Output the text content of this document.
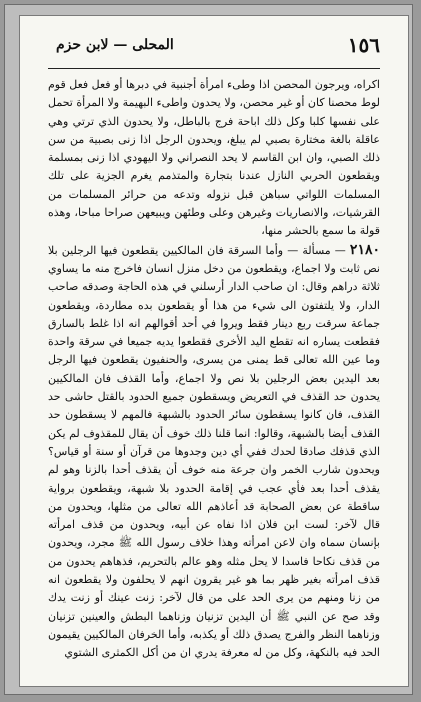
١٥٦
المحلى — لابن حزم

اكراه، ويرجون المحصن اذا وطىء امرأة أجنبية في دبرها أو فعل فعل قوم لوط محصنا كان أو غير محصن، ولا يحدون واطىء البهيمة ولا المرأة تحمل على نفسها كلبا وكل ذلك اباحة فرج بالباطل، ولا يحدون الذي ترتي وهي عاقلة بالغة مختارة بصبي لم يبلغ، ويحدون الرجل اذا زنى بصبية من سن ذلك الصبي، وان ابن القاسم لا يحد النصراني ولا اليهودي اذا زنى بمسلمة ويقطعون الحربي النازل عندنا بتجارة والمتذمم يغرم الجزية على تلك المسلمات اللواتي سباهن قبل نزوله وتدعه من حرائر المسلمات من القرشيات، والانصاريات وغيرهن وعلى وطئهن ويبيعهن صراحا مباحا، وهذه قولة ما سمع بالحشر منها،

٢١٨٠ — مسألة — وأما السرقة فان المالكيين يقطعون فيها الرجلين بلا نص ثابت ولا اجماع، ويقطعون من دخل منزل انسان فاخرج منه ما يساوي ثلاثة دراهم وقال: ان صاحب الدار أرسلني في هذه الحاجة وصدقه صاحب الدار، ولا يلتفتون الى شيء من هذا أو يقطعون بده مطاردة، ويقطعون جماعة سرقت ربع دينار فقط ويروا في أحد أقوالهم انه اذا غلط بالسارق فقطعت يساره انه تقطع اليد الأخرى فقطعوا يديه جميعا في سرقة واحدة وما عين الله تعالى قط يمنى من يسرى، والحنفيون يقطعون فيها الرجل بعد اليدين بعض الرجلين بلا نص ولا اجماع، وأما القذف فان المالكيين يحدون حد القذف في التعريض ويسقطون جميع الحدود بالقتل حاشى حد القذف، فان كانوا يسقطون سائر الحدود بالشبهة فالمهم لا يسقطون حد القذف أيضا بالشبهة، وقالوا: انما قلنا ذلك خوف أن يقال للمقذوف لم يكن الذي قذفك صادقا لحدك ففي أي دين وجدوها من قرآن أو سنة أو قياس؟ ويحدون شارب الخمر وان جرعة منه خوف أن يقذف أحدا بالزنا وهو لم يقذف أحدا بعد فأي عجب في إقامة الحدود بلا شبهة، ويقطعون برواية ساقطة عن بعض الصحابة قد أعاذهم الله تعالى من مثلها، ويحدون من قال لآخر: لست ابن فلان اذا نفاه عن أبيه، ويحدون من قذف امرأته بإنسان سماه وان لاعن امرأته وهذا خلاف رسول الله ﷺ مجرد، ويحدون من قذف نكاحا فاسدا لا يحل مثله وهو عالم بالتحريم، فذهاهم يحدون من قذف امرأته بغير ظهر بما هو غير يقرون انهم لا يحلفون ولا يقطعون انه من زنا ومنهم من يرى الحد على من قال لآخر: زنت عينك أو زنت يدك وقد صح عن النبي ﷺ أن اليدين تزنيان وزناهما البطش والعينين تزنيان وزناهما النظر والفرج يصدق ذلك أو يكذبه، وأما الخرفان المالكيين يقيمون الحد فيه بالنكهة، وكل من له معرفة يدري ان من أكل الكمثرى الشتوي
